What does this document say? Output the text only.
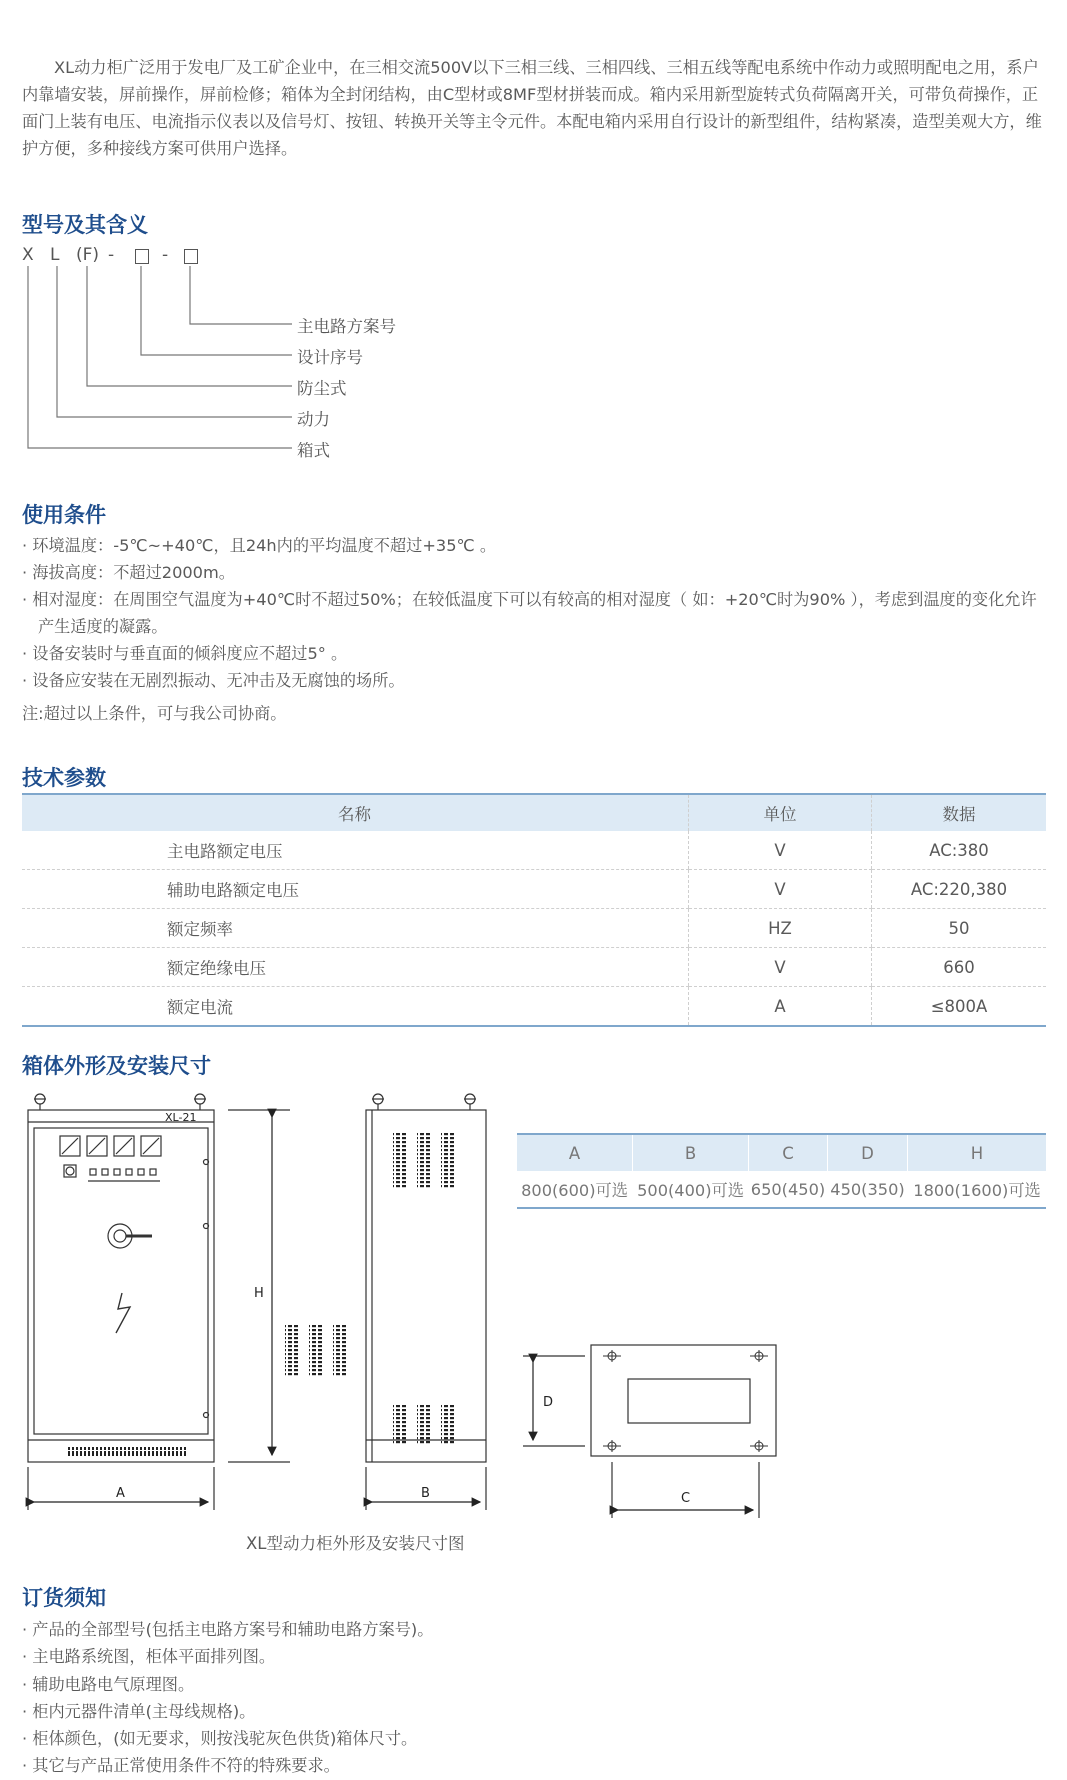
XL动力柜广泛用于发电厂及工矿企业中，在三相交流500V以下三相三线、三相四线、三相五线等配电系统中作动力或照明配电之用，系户内靠墙安装，屏前操作，屏前检修；箱体为全封闭结构，由C型材或8MF型材拼装而成。箱内采用新型旋转式负荷隔离开关，可带负荷操作，正面门上装有电压、电流指示仪表以及信号灯、按钮、转换开关等主令元件。本配电箱内采用自行设计的新型组件，结构紧凑，造型美观大方，维护方便，多种接线方案可供用户选择。

型号及其含义
X L (F) -	-
主电路方案号
设计序号
防尘式
动力
箱式
使用条件
· 环境温度：-5℃~+40℃，且24h内的平均温度不超过+35℃ 。
· 海拔高度：不超过2000m。
· 相对湿度：在周围空气温度为+40℃时不超过50%；在较低温度下可以有较高的相对湿度（ 如：+20℃时为90% ），考虑到温度的变化允许产生适度的凝露。
· 设备安装时与垂直面的倾斜度应不超过5° 。
· 设备应安装在无剧烈振动、无冲击及无腐蚀的场所。
注:超过以上条件，可与我公司协商。
技术参数
名称	单位	数据
主电路额定电压	V	AC:380
辅助电路额定电压	V	AC:220,380
额定频率	HZ	50
额定绝缘电压	V	660
额定电流	A	≤800A
箱体外形及安装尺寸
XL-21
H
A	B
D
C
A	B	C	D	H
800(600)可选	500(400)可选	650(450)	450(350)	1800(1600)可选
XL型动力柜外形及安装尺寸图
订货须知
· 产品的全部型号(包括主电路方案号和辅助电路方案号)。
· 主电路系统图，柜体平面排列图。
· 辅助电路电气原理图。
· 柜内元器件清单(主母线规格)。
· 柜体颜色，(如无要求，则按浅驼灰色供货)箱体尺寸。
· 其它与产品正常使用条件不符的特殊要求。
